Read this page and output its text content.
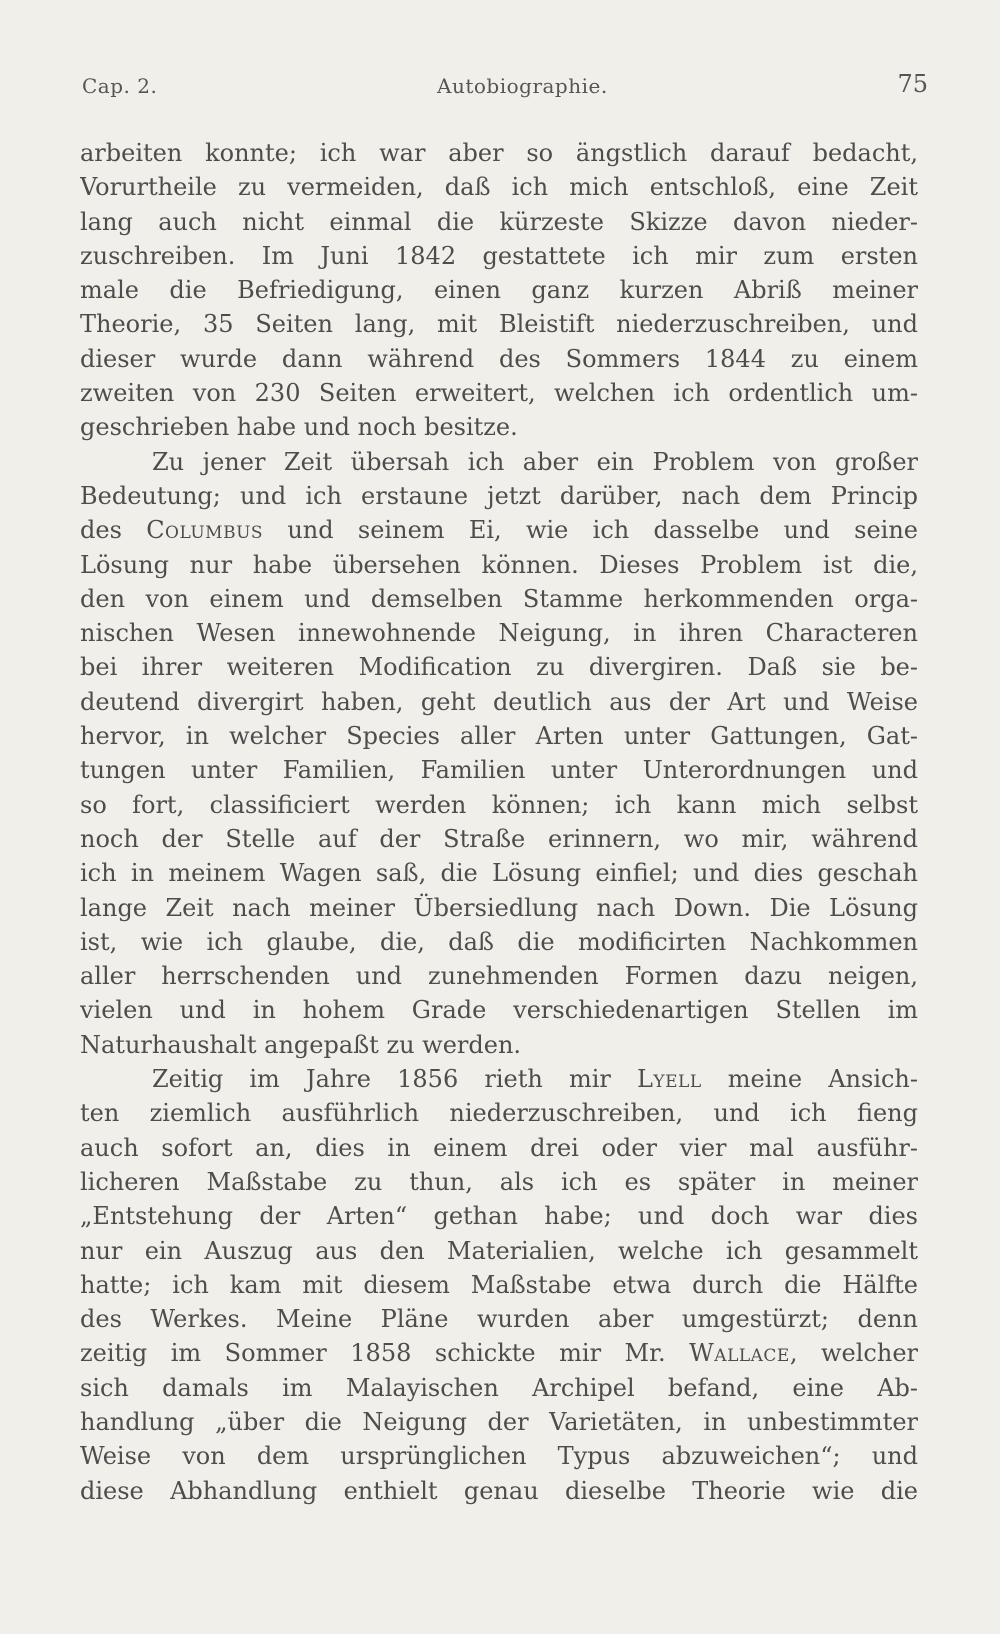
Cap. 2.	Autobiographie.	75
arbeiten konnte; ich war aber so ängstlich darauf bedacht,
Vorurtheile zu vermeiden, daß ich mich entschloß, eine Zeit
lang auch nicht einmal die kürzeste Skizze davon nieder-
zuschreiben. Im Juni 1842 gestattete ich mir zum ersten
male die Befriedigung, einen ganz kurzen Abriß meiner
Theorie, 35 Seiten lang, mit Bleistift niederzuschreiben, und
dieser wurde dann während des Sommers 1844 zu einem
zweiten von 230 Seiten erweitert, welchen ich ordentlich um-
geschrieben habe und noch besitze.
Zu jener Zeit übersah ich aber ein Problem von großer
Bedeutung; und ich erstaune jetzt darüber, nach dem Princip
des Columbus und seinem Ei, wie ich dasselbe und seine
Lösung nur habe übersehen können. Dieses Problem ist die,
den von einem und demselben Stamme herkommenden orga-
nischen Wesen innewohnende Neigung, in ihren Characteren
bei ihrer weiteren Modification zu divergiren. Daß sie be-
deutend divergirt haben, geht deutlich aus der Art und Weise
hervor, in welcher Species aller Arten unter Gattungen, Gat-
tungen unter Familien, Familien unter Unterordnungen und
so fort, classificiert werden können; ich kann mich selbst
noch der Stelle auf der Straße erinnern, wo mir, während
ich in meinem Wagen saß, die Lösung einfiel; und dies geschah
lange Zeit nach meiner Übersiedlung nach Down. Die Lösung
ist, wie ich glaube, die, daß die modificirten Nachkommen
aller herrschenden und zunehmenden Formen dazu neigen,
vielen und in hohem Grade verschiedenartigen Stellen im
Naturhaushalt angepaßt zu werden.
Zeitig im Jahre 1856 rieth mir Lyell meine Ansich-
ten ziemlich ausführlich niederzuschreiben, und ich fieng
auch sofort an, dies in einem drei oder vier mal ausführ-
licheren Maßstabe zu thun, als ich es später in meiner
„Entstehung der Arten“ gethan habe; und doch war dies
nur ein Auszug aus den Materialien, welche ich gesammelt
hatte; ich kam mit diesem Maßstabe etwa durch die Hälfte
des Werkes. Meine Pläne wurden aber umgestürzt; denn
zeitig im Sommer 1858 schickte mir Mr. Wallace, welcher
sich damals im Malayischen Archipel befand, eine Ab-
handlung „über die Neigung der Varietäten, in unbestimmter
Weise von dem ursprünglichen Typus abzuweichen“; und
diese Abhandlung enthielt genau dieselbe Theorie wie die
